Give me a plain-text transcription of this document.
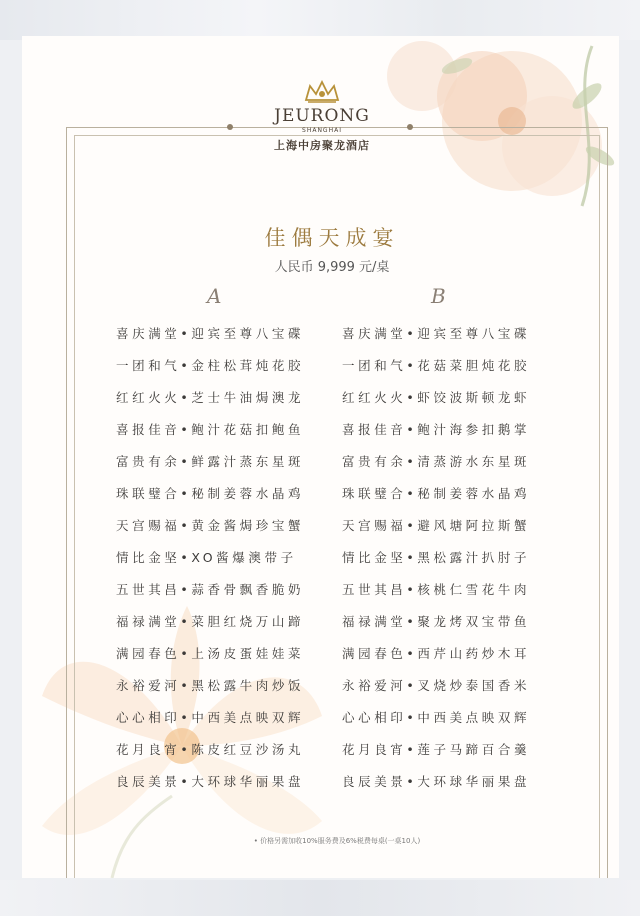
JEURONG
SHANGHAI
上海中房聚龙酒店
佳偶天成宴
人民币 9,999 元/桌
A	B
喜庆满堂•迎宾至尊八宝碟
一团和气•金柱松茸炖花胶
红红火火•芝士牛油焗澳龙
喜报佳音•鲍汁花菇扣鲍鱼
富贵有余•鲜露汁蒸东星斑
珠联璧合•秘制姜蓉水晶鸡
天宫赐福•黄金酱焗珍宝蟹
情比金坚•XO酱爆澳带子
五世其昌•蒜香骨飘香脆奶
福禄满堂•菜胆红烧万山蹄
满园春色•上汤皮蛋娃娃菜
永裕爱河•黑松露牛肉炒饭
心心相印•中西美点映双辉
花月良宵•陈皮红豆沙汤丸
良辰美景•大环球华丽果盘
喜庆满堂•迎宾至尊八宝碟
一团和气•花菇菜胆炖花胶
红红火火•虾饺波斯顿龙虾
喜报佳音•鲍汁海参扣鹅掌
富贵有余•清蒸游水东星斑
珠联璧合•秘制姜蓉水晶鸡
天宫赐福•避风塘阿拉斯蟹
情比金坚•黑松露汁扒肘子
五世其昌•核桃仁雪花牛肉
福禄满堂•聚龙烤双宝带鱼
满园春色•西芹山药炒木耳
永裕爱河•叉烧炒泰国香米
心心相印•中西美点映双辉
花月良宵•莲子马蹄百合羹
良辰美景•大环球华丽果盘
• 价格另需加收10%服务费及6%税费每桌(一桌10人)
